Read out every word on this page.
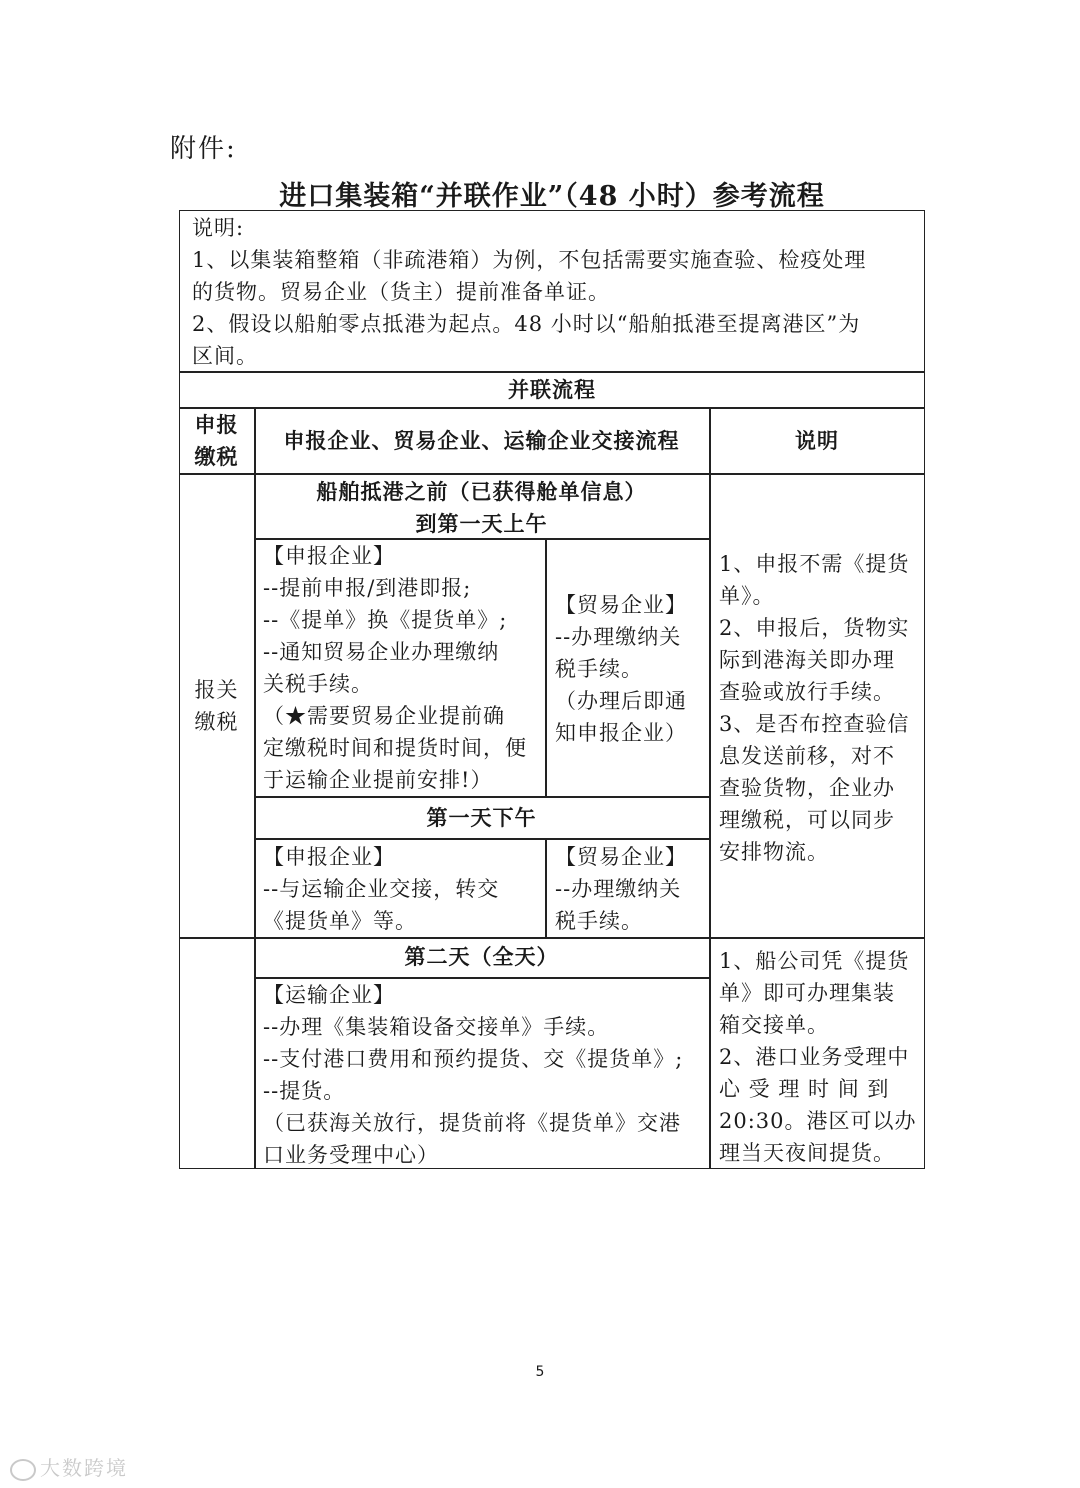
附件:
进口集装箱“并联作业”（48 小时）参考流程
说明:
1、以集装箱整箱（非疏港箱）为例，不包括需要实施查验、检疫处理
的货物。贸易企业（货主）提前准备单证。
2、假设以船舶零点抵港为起点。48 小时以“船舶抵港至提离港区”为
区间。
并联流程
申报
缴税
申报企业、贸易企业、运输企业交接流程	说明
报关
缴税
船舶抵港之前（已获得舱单信息）
到第一天上午
【申报企业】
--提前申报/到港即报;
--《提单》换《提货单》;
--通知贸易企业办理缴纳
关税手续。
（★需要贸易企业提前确
定缴税时间和提货时间，便
于运输企业提前安排!）
【贸易企业】
--办理缴纳关
税手续。
（办理后即通
知申报企业）
第一天下午
【申报企业】
--与运输企业交接，转交
《提货单》等。
【贸易企业】
--办理缴纳关
税手续。
1、申报不需《提货
单》。
2、申报后，货物实
际到港海关即办理
查验或放行手续。
3、是否布控查验信
息发送前移，对不
查验货物，企业办
理缴税，可以同步
安排物流。
第二天（全天）
【运输企业】
--办理《集装箱设备交接单》手续。
--支付港口费用和预约提货、交《提货单》;
--提货。
（已获海关放行，提货前将《提货单》交港
口业务受理中心）
1、船公司凭《提货
单》即可办理集装
箱交接单。
2、港口业务受理中
心 受 理 时 间 到
20:30。港区可以办
理当天夜间提货。
5
大数跨境
